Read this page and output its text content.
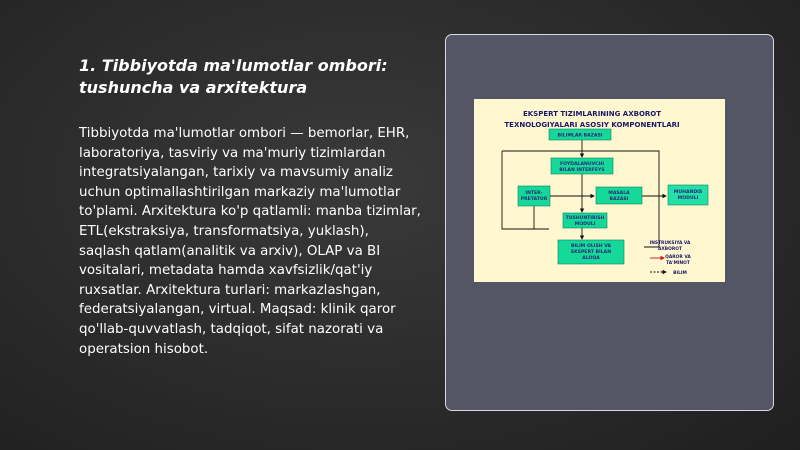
1. Tibbiyotda ma'lumotlar ombori: tushuncha va arxitektura

Tibbiyotda ma'lumotlar ombori — bemorlar, EHR, laboratoriya, tasviriy va ma'muriy tizimlardan integratsiyalangan, tarixiy va mavsumiy analiz uchun optimallashtirilgan markaziy ma'lumotlar to'plami. Arxitektura ko'p qatlamli: manba tizimlar, ETL(ekstraksiya, transformatsiya, yuklash), saqlash qatlam(analitik va arxiv), OLAP va BI vositalari, metadata hamda xavfsizlik/qat'iy ruxsatlar. Arxitektura turlari: markazlashgan, federatsiyalangan, virtual. Maqsad: klinik qaror qo'llab-quvvatlash, tadqiqot, sifat nazorati va operatsion hisobot.

EKSPERT TIZIMLARINING AXBOROT
TEXNOLOGIYALARI ASOSIY KOMPONENTLARI
BILIMLAR BAZASI
FOYDALANUVCHI
BILAN INTERFEYS
INTER-
PRETATOR
MASALA
BAZASI
MUHANDIS
MODULI
TUSHUNTIRISH
MODULI
BILIM OLISH VA
EKSPERT BILAN
ALOQA
INSTRUKSIYA VA
AXBOROT
QAROR VA
TA'MINOT
BILIM
